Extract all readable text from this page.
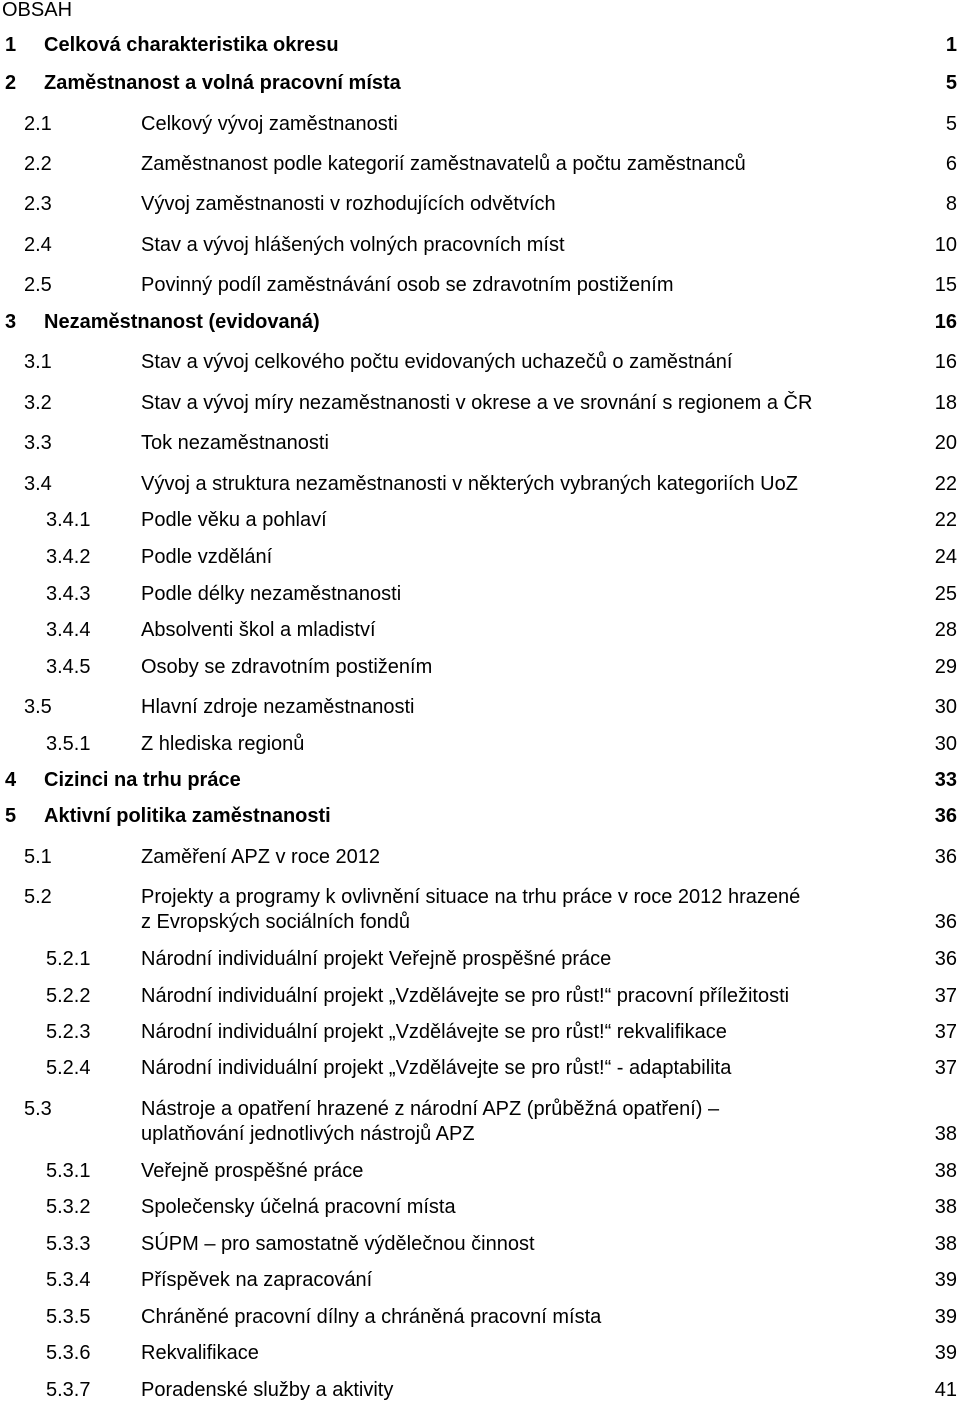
OBSAH
1 Celková charakteristika okresu	1
2 Zaměstnanost a volná pracovní místa	5
2.1	Celkový vývoj zaměstnanosti	5
2.2	Zaměstnanost podle kategorií zaměstnavatelů a počtu zaměstnanců	6
2.3	Vývoj zaměstnanosti v rozhodujících odvětvích	8
2.4	Stav a vývoj hlášených volných pracovních míst	10
2.5	Povinný podíl zaměstnávání osob se zdravotním postižením	15
3 Nezaměstnanost (evidovaná)	16
3.1	Stav a vývoj celkového počtu evidovaných uchazečů o zaměstnání	16
3.2	Stav a vývoj míry nezaměstnanosti v okrese a ve srovnání s regionem a ČR	18
3.3	Tok nezaměstnanosti	20
3.4	Vývoj a struktura nezaměstnanosti v některých vybraných kategoriích UoZ	22
3.4.1	Podle věku a pohlaví	22
3.4.2	Podle vzdělání	24
3.4.3	Podle délky nezaměstnanosti	25
3.4.4	Absolventi škol a mladiství	28
3.4.5	Osoby se zdravotním postižením	29
3.5	Hlavní zdroje nezaměstnanosti	30
3.5.1	Z hlediska regionů	30
4 Cizinci na trhu práce	33
5 Aktivní politika zaměstnanosti	36
5.1	Zaměření APZ v roce 2012	36
5.2	Projekty a programy k ovlivnění situace na trhu práce v roce 2012 hrazené
z Evropských sociálních fondů	36
5.2.1	Národní individuální projekt Veřejně prospěšné práce	36
5.2.2	Národní individuální projekt „Vzdělávejte se pro růst!“ pracovní příležitosti	37
5.2.3	Národní individuální projekt „Vzdělávejte se pro růst!“ rekvalifikace	37
5.2.4	Národní individuální projekt „Vzdělávejte se pro růst!“ - adaptabilita	37
5.3	Nástroje a opatření hrazené z národní APZ (průběžná opatření) –
uplatňování jednotlivých nástrojů APZ	38
5.3.1	Veřejně prospěšné práce	38
5.3.2	Společensky účelná pracovní místa	38
5.3.3	SÚPM – pro samostatně výdělečnou činnost	38
5.3.4	Příspěvek na zapracování	39
5.3.5	Chráněné pracovní dílny a chráněná pracovní místa	39
5.3.6	Rekvalifikace	39
5.3.7	Poradenské služby a aktivity	41
